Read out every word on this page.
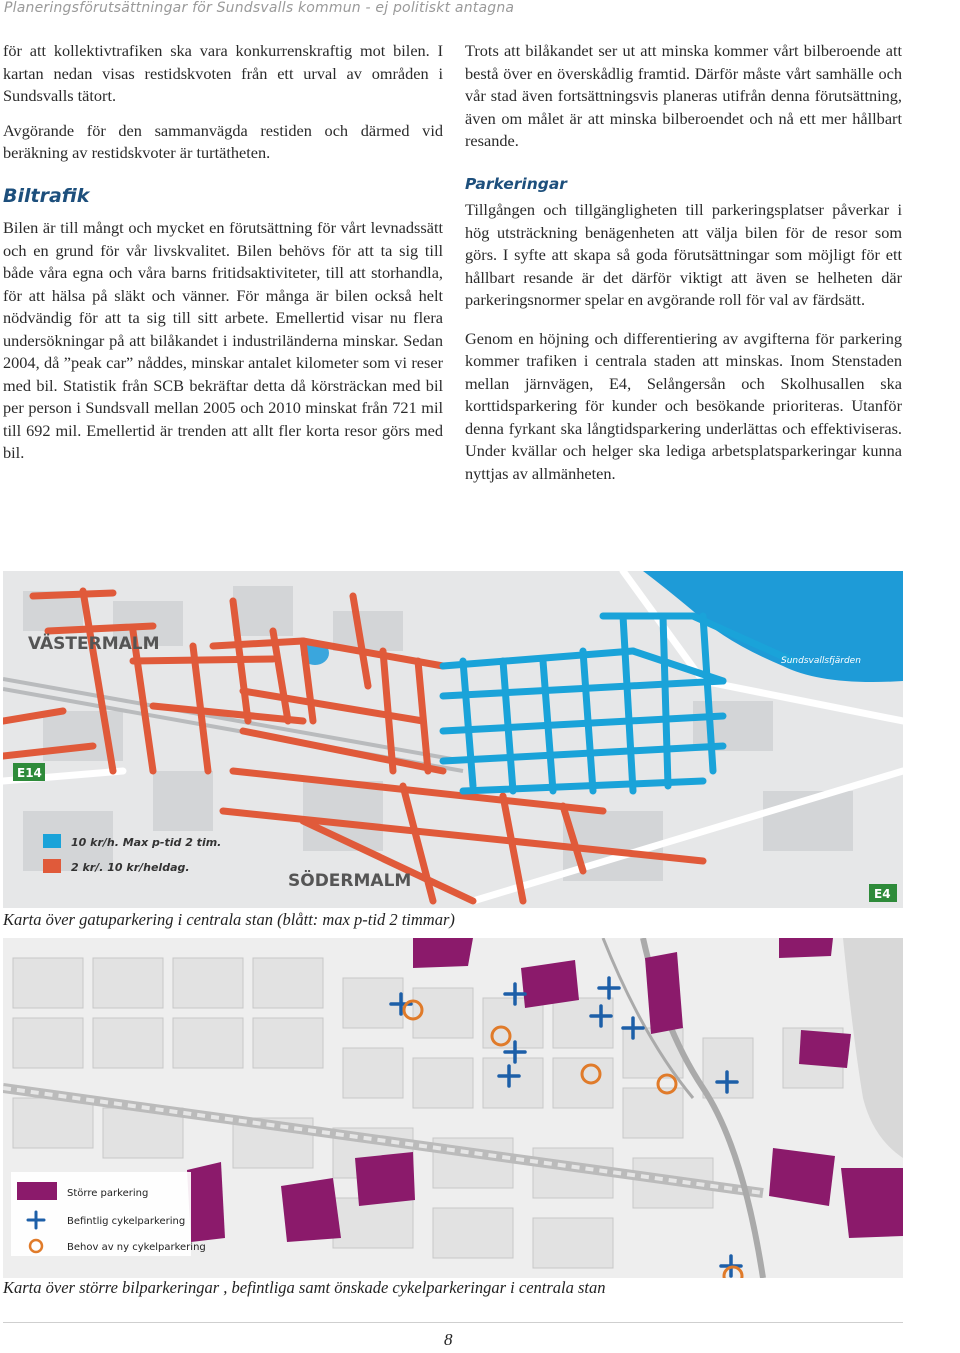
Planeringsförutsättningar för Sundsvalls kommun - ej politiskt antagna

för att kollektivtrafiken ska vara konkurrenskraftig mot bilen. I kartan nedan visas restidskvoten från ett urval av områden i Sundsvalls tätort.

Avgörande för den sammanvägda restiden och därmed vid beräkning av restidskvoter är turtätheten.

Biltrafik

Bilen är till mångt och mycket en förutsättning för vårt levnadssätt och en grund för vår livskvalitet. Bilen behövs för att ta sig till både våra egna och våra barns fritidsaktiviteter, till att storhandla, för att hälsa på släkt och vänner. För många är bilen också helt nödvändig för att ta sig till sitt arbete. Emellertid visar nu flera undersökningar på att bilåkandet i industriländerna minskar. Sedan 2004, då ”peak car” nåddes, minskar antalet kilometer som vi reser med bil. Statistik från SCB bekräftar detta då körsträckan med bil per person i Sundsvall mellan 2005 och 2010 minskat från 721 mil till 692 mil. Emellertid är trenden att allt fler korta resor görs med bil.

Trots att bilåkandet ser ut att minska kommer vårt bilberoende att bestå över en överskådlig framtid. Därför måste vårt samhälle och vår stad även fortsättningsvis planeras utifrån denna förutsättning, även om målet är att minska bilberoendet och nå ett mer hållbart resande.

Parkeringar

Tillgången och tillgängligheten till parkeringsplatser påverkar i hög utsträckning benägenheten att välja bilen för de resor som görs. I syfte att skapa så goda förutsättningar som möjligt för ett hållbart resande är det därför viktigt att även se helheten där parkeringsnormer spelar en avgörande roll för val av färdsätt.

Genom en höjning och differentiering av avgifterna för parkering kommer trafiken i centrala staden att minskas. Inom Stenstaden mellan järnvägen, E4, Selångersån och Skolhusallen ska korttidsparkering för kunder och besökande prioriteras. Utanför denna fyrkant ska långtidsparkering underlättas och effektiviseras. Under kvällar och helger ska lediga arbetsplatsparkeringar kunna nyttjas av allmänheten.

VÄSTERMALM
SÖDERMALM
Sundsvallsfjärden
E14
E4
10 kr/h. Max p-tid 2 tim.
2 kr/. 10 kr/heldag.
Karta över gatuparkering i centrala stan (blått: max p-tid 2 timmar)
Större parkering
Befintlig cykelparkering
Behov av ny cykelparkering
Karta över större bilparkeringar , befintliga samt önskade cykelparkeringar i centrala stan
8
